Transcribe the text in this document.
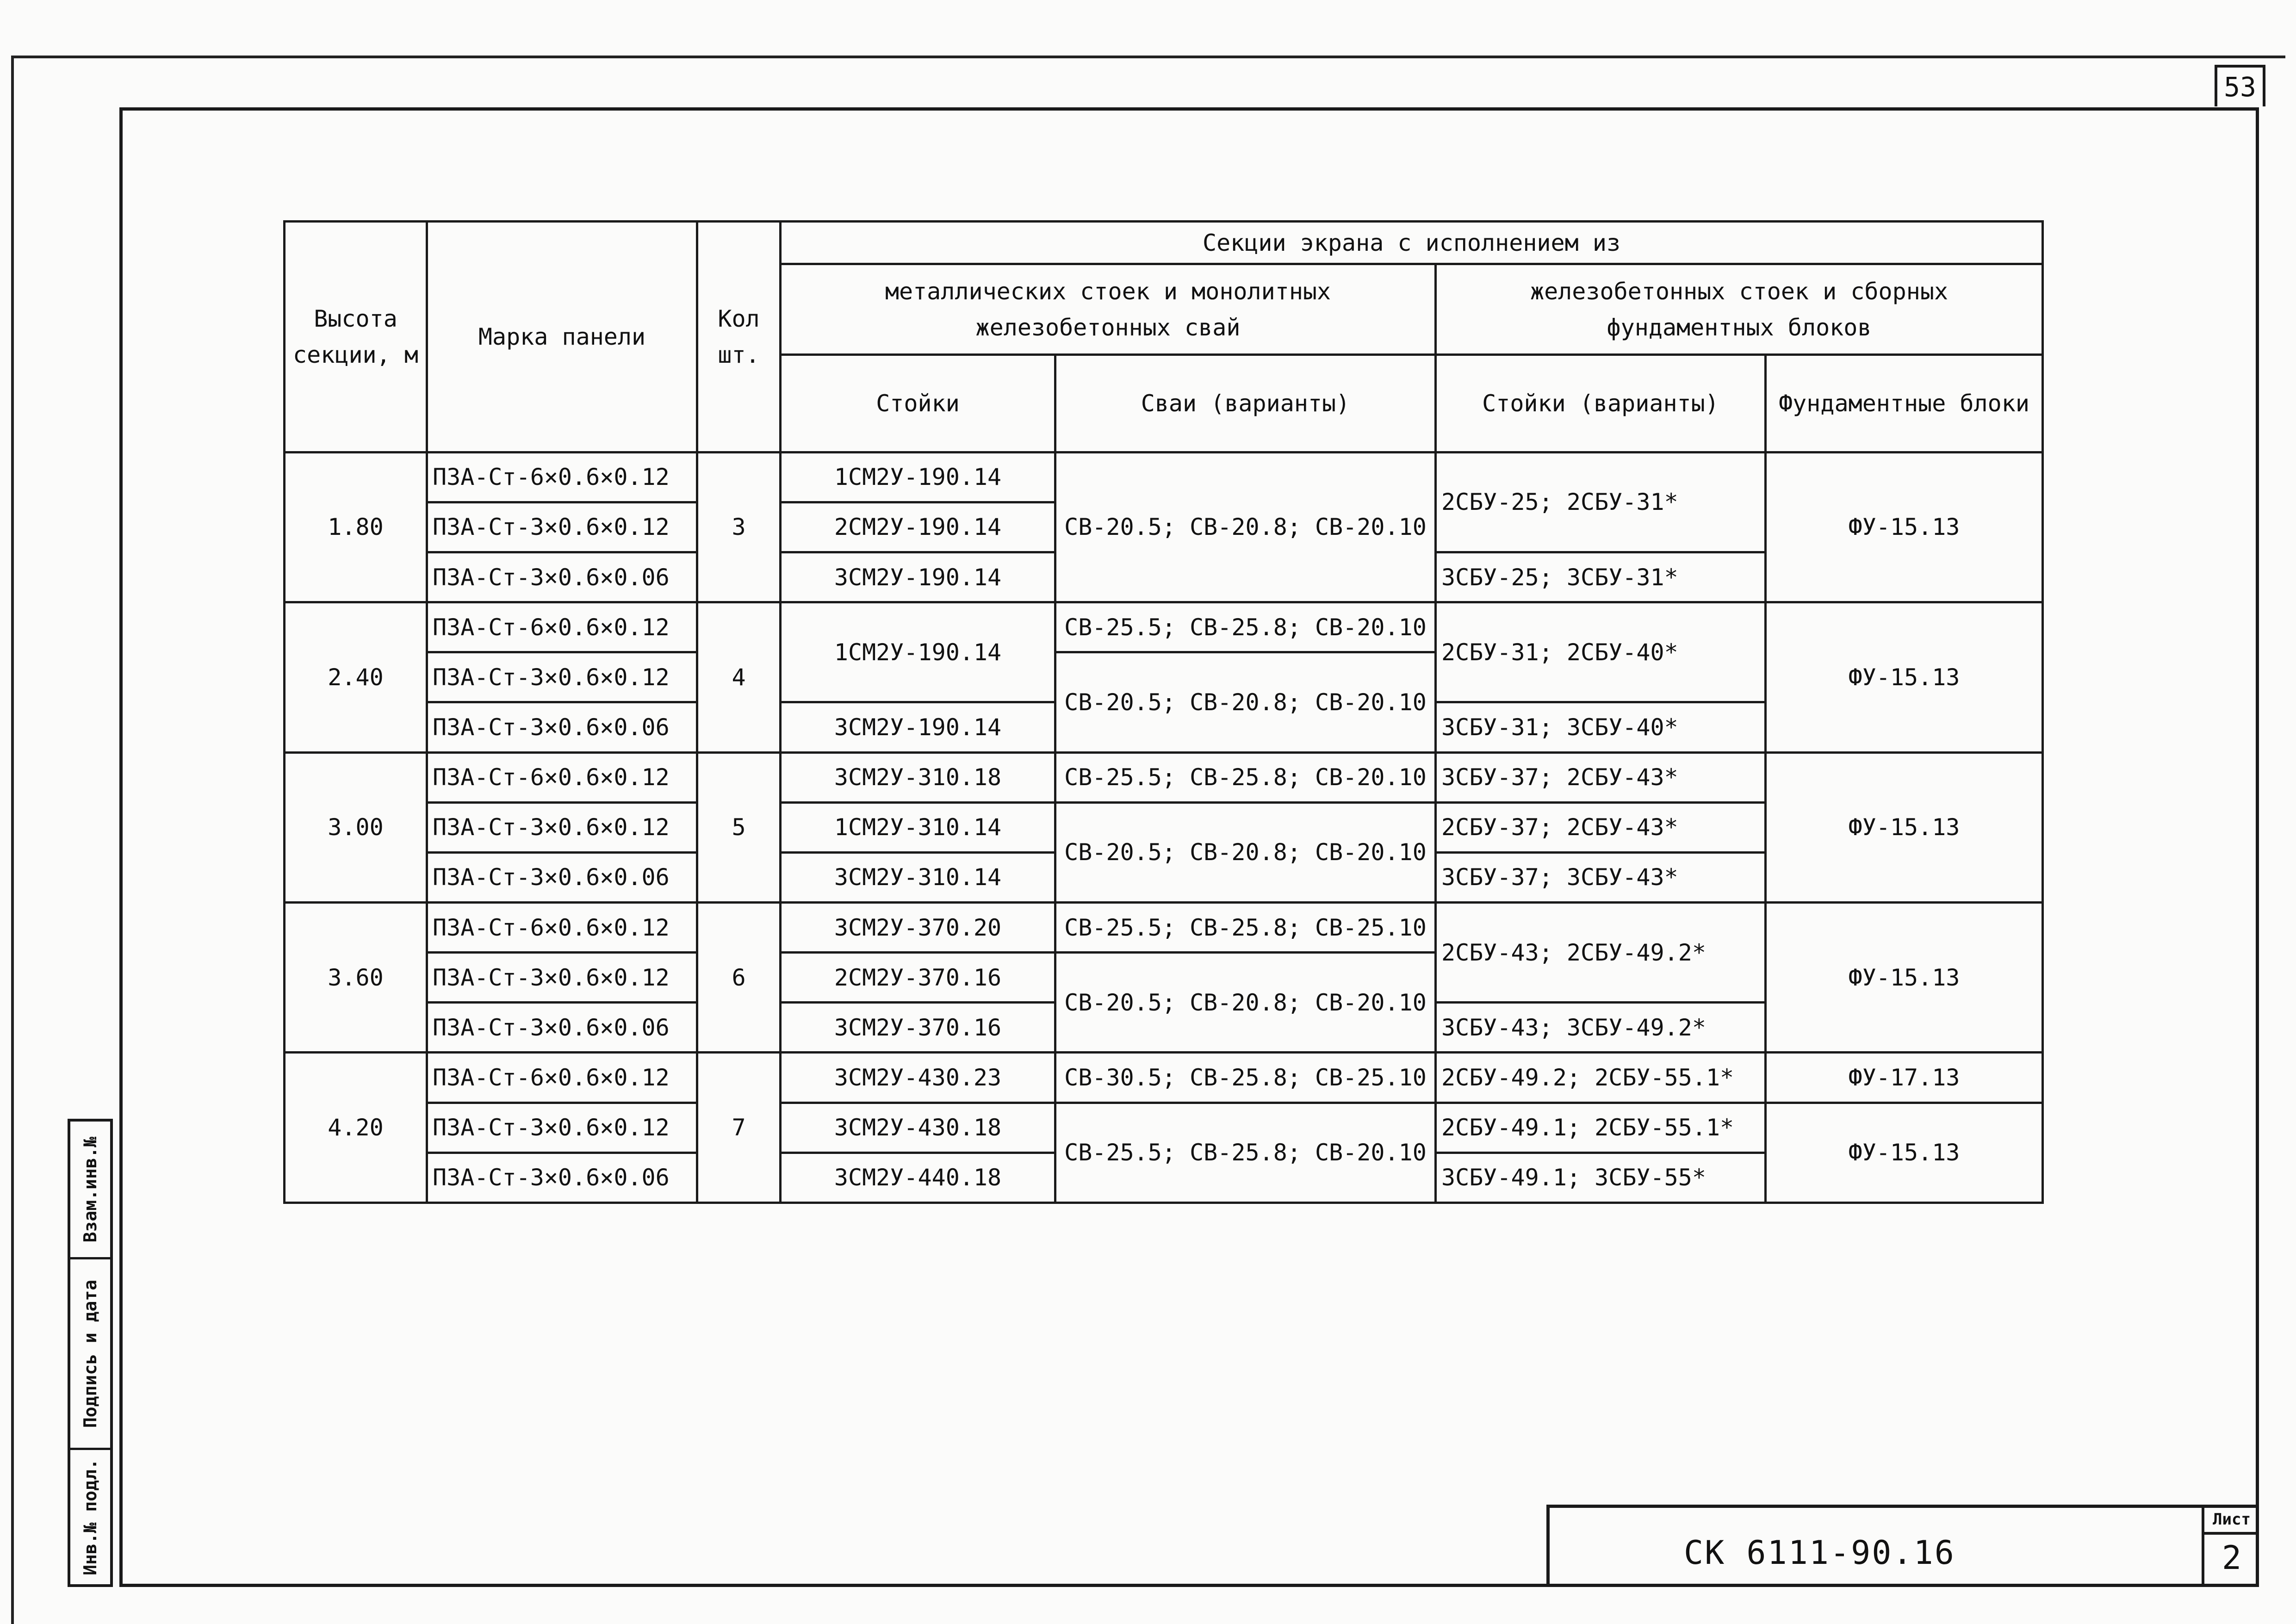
53
Взам.инв.№
Подпись и дата
Инв.№ подл.
Высота секции, м	Марка панели	Кол шт.	Секции экрана с исполнением из			
			металлических стоек и монолитных железобетонных свай		железобетонных стоек и сборных фундаментных блоков	
			Стойки	Сваи (варианты)	Стойки (варианты)	Фундаментные блоки
1.80	ПЗА-Ст-6×0.6×0.12	3	1СМ2У-190.14	СВ-20.5; СВ-20.8; СВ-20.10	2СБУ-25; 2СБУ-31*	ФУ-15.13
	ПЗА-Ст-3×0.6×0.12		2СМ2У-190.14			
	ПЗА-Ст-3×0.6×0.06		3СМ2У-190.14		3СБУ-25; 3СБУ-31*	
2.40	ПЗА-Ст-6×0.6×0.12	4	1СМ2У-190.14	СВ-25.5; СВ-25.8; СВ-20.10	2СБУ-31; 2СБУ-40*	ФУ-15.13
	ПЗА-Ст-3×0.6×0.12			СВ-20.5; СВ-20.8; СВ-20.10		
	ПЗА-Ст-3×0.6×0.06		3СМ2У-190.14		3СБУ-31; 3СБУ-40*	
3.00	ПЗА-Ст-6×0.6×0.12	5	3СМ2У-310.18	СВ-25.5; СВ-25.8; СВ-20.10	3СБУ-37; 2СБУ-43*	ФУ-15.13
	ПЗА-Ст-3×0.6×0.12		1СМ2У-310.14	СВ-20.5; СВ-20.8; СВ-20.10	2СБУ-37; 2СБУ-43*	
	ПЗА-Ст-3×0.6×0.06		3СМ2У-310.14		3СБУ-37; 3СБУ-43*	
3.60	ПЗА-Ст-6×0.6×0.12	6	3СМ2У-370.20	СВ-25.5; СВ-25.8; СВ-25.10	2СБУ-43; 2СБУ-49.2*	ФУ-15.13
	ПЗА-Ст-3×0.6×0.12		2СМ2У-370.16	СВ-20.5; СВ-20.8; СВ-20.10		
	ПЗА-Ст-3×0.6×0.06		3СМ2У-370.16		3СБУ-43; 3СБУ-49.2*	
4.20	ПЗА-Ст-6×0.6×0.12	7	3СМ2У-430.23	СВ-30.5; СВ-25.8; СВ-25.10	2СБУ-49.2; 2СБУ-55.1*	ФУ-17.13
	ПЗА-Ст-3×0.6×0.12		3СМ2У-430.18	СВ-25.5; СВ-25.8; СВ-20.10	2СБУ-49.1; 2СБУ-55.1*	ФУ-15.13
	ПЗА-Ст-3×0.6×0.06		3СМ2У-440.18		3СБУ-49.1; 3СБУ-55*	
СК 6111-90.16
Лист
2
